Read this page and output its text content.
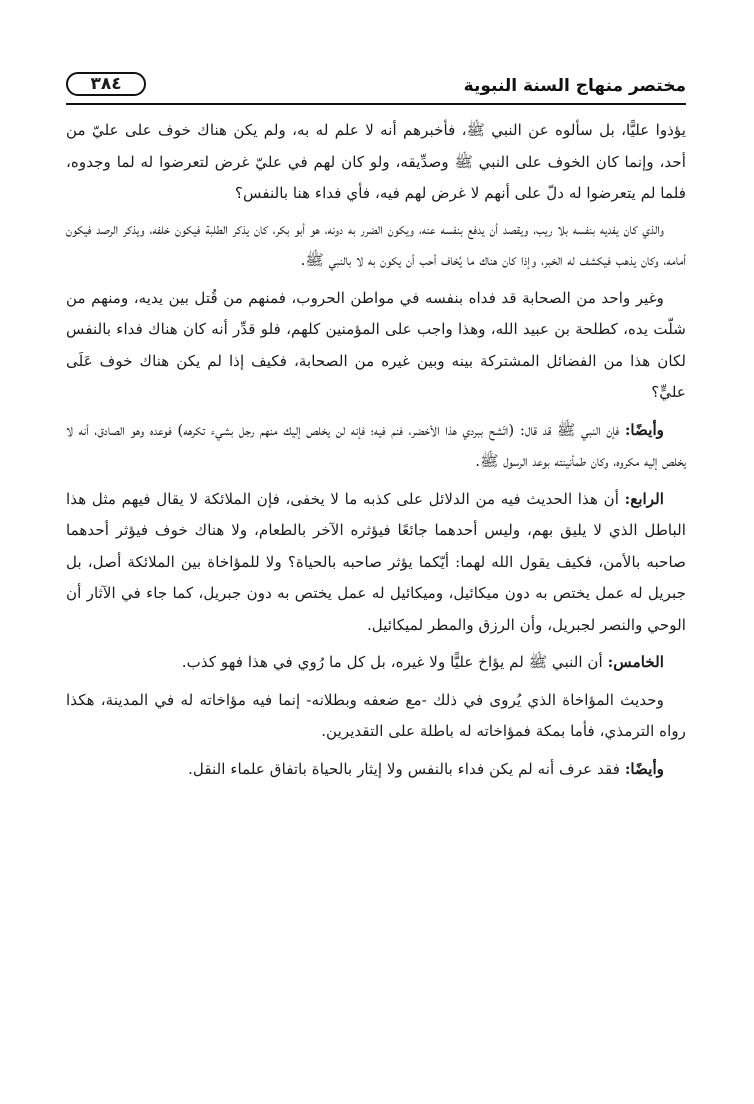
مختصر منهاج السنة النبوية
٣٨٤

يؤذوا عليًّا، بل سألوه عن النبي ﷺ، فأخبرهم أنه لا علم له به، ولم يكن هناك خوف على عليّ من أحد، وإنما كان الخوف على النبي ﷺ وصدِّيقه، ولو كان لهم في عليّ غرض لتعرضوا له لما وجدوه، فلما لم يتعرضوا له دلّ على أنهم لا غرض لهم فيه، فأي فداء هنا بالنفس؟

والذي كان يفديه بنفسه بلا ريب، ويقصد أن يدفع بنفسه عنه، ويكون الضرر به دونه، هو أبو بكر، كان يذكر الطلبة فيكون خلفه، ويذكر الرصد فيكون أمامه، وكان يذهب فيكشف له الخبر، وإذا كان هناك ما يُخاف أحب أن يكون به لا بالنبي ﷺ.

وغير واحد من الصحابة قد فداه بنفسه في مواطن الحروب، فمنهم من قُتل بين يديه، ومنهم من شلّت يده، كطلحة بن عبيد الله، وهذا واجب على المؤمنين كلهم، فلو قدِّر أنه كان هناك فداء بالنفس لكان هذا من الفضائل المشتركة بينه وبين غيره من الصحابة، فكيف إذا لم يكن هناك خوف عَلَى عليٍّ؟

وأيضًا: فإن النبي ﷺ قد قال: (اتّشح ببردي هذا الأخضر، فنم فيه؛ فإنه لن يخلص إليك منهم رجل بشيء تكرهه) فوعده وهو الصادق، أنه لا يخلص إليه مكروه، وكان طمأنينته بوعد الرسول ﷺ.

الرابع: أن هذا الحديث فيه من الدلائل على كذبه ما لا يخفى، فإن الملائكة لا يقال فيهم مثل هذا الباطل الذي لا يليق بهم، وليس أحدهما جائعًا فيؤثره الآخر بالطعام، ولا هناك خوف فيؤثر أحدهما صاحبه بالأمن، فكيف يقول الله لهما: أيّكما يؤثر صاحبه بالحياة؟ ولا للمؤاخاة بين الملائكة أصل، بل جبريل له عمل يختص به دون ميكائيل، وميكائيل له عمل يختص به دون جبريل، كما جاء في الآثار أن الوحي والنصر لجبريل، وأن الرزق والمطر لميكائيل.

الخامس: أن النبي ﷺ لم يؤاخ عليًّا ولا غيره، بل كل ما رُوي في هذا فهو كذب.

وحديث المؤاخاة الذي يُروى في ذلك -مع ضعفه وبطلانه- إنما فيه مؤاخاته له في المدينة، هكذا رواه الترمذي، فأما بمكة فمؤاخاته له باطلة على التقديرين.

وأيضًا: فقد عرف أنه لم يكن فداء بالنفس ولا إيثار بالحياة باتفاق علماء النقل.
